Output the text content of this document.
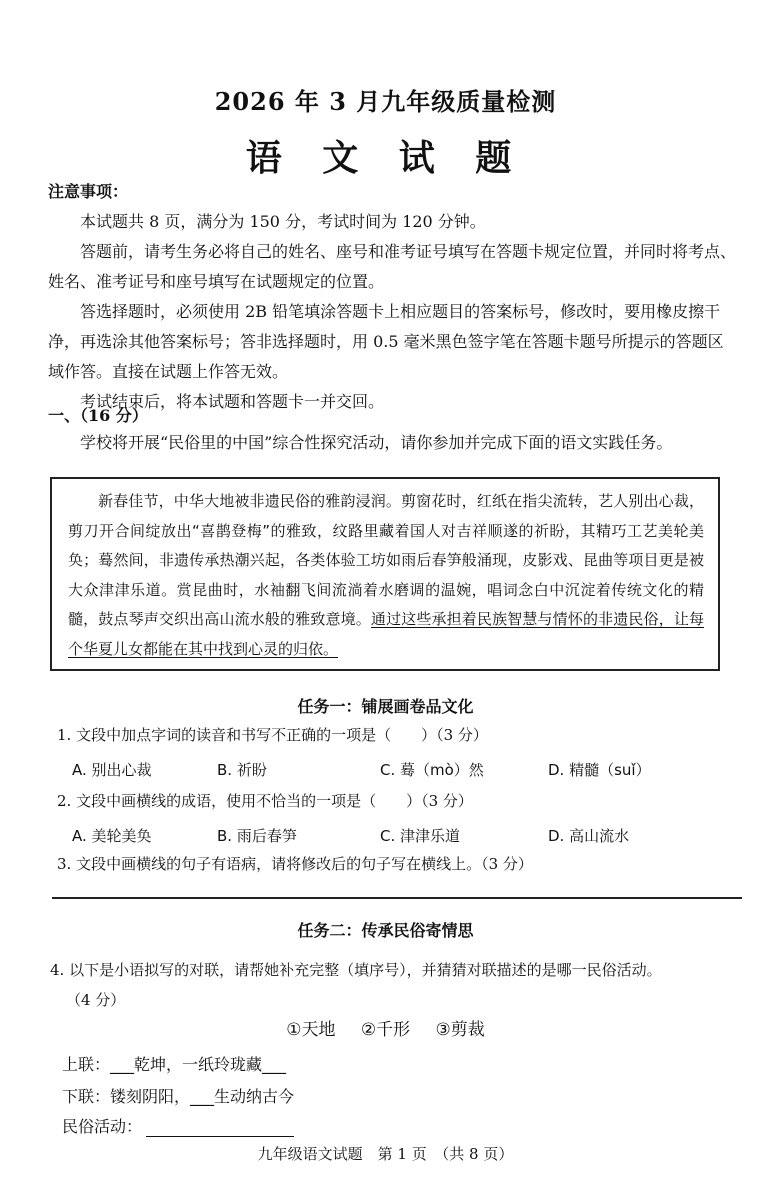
2026 年 3 月九年级质量检测
语 文 试 题
注意事项：
本试题共 8 页，满分为 150 分，考试时间为 120 分钟。
答题前，请考生务必将自己的姓名、座号和准考证号填写在答题卡规定位置，并同时将考点、姓名、准考证号和座号填写在试题规定的位置。
答选择题时，必须使用 2B 铅笔填涂答题卡上相应题目的答案标号，修改时，要用橡皮擦干净，再选涂其他答案标号；答非选择题时，用 0.5 毫米黑色签字笔在答题卡题号所提示的答题区域作答。直接在试题上作答无效。
考试结束后，将本试题和答题卡一并交回。
一、（16 分）
学校将开展“民俗里的中国”综合性探究活动，请你参加并完成下面的语文实践任务。
新春佳节，中华大地被非遗民俗的雅韵浸润。剪窗花时，红纸在指尖流转，艺人别出心裁，剪刀开合间绽放出“喜鹊登梅”的雅致，纹路里藏着国人对吉祥顺遂的祈盼，其精巧工艺美轮美奂；蓦然间，非遗传承热潮兴起，各类体验工坊如雨后春笋般涌现，皮影戏、昆曲等项目更是被大众津津乐道。赏昆曲时，水袖翻飞间流淌着水磨调的温婉，唱词念白中沉淀着传统文化的精髓，鼓点琴声交织出高山流水般的雅致意境。通过这些承担着民族智慧与情怀的非遗民俗，让每个华夏儿女都能在其中找到心灵的归依。
任务一：铺展画卷品文化
1. 文段中加点字词的读音和书写不正确的一项是（　　）（3 分）
A. 别出心裁	B. 祈盼	C. 蓦（mò）然	D. 精髓（suǐ）
2. 文段中画横线的成语，使用不恰当的一项是（　　）（3 分）
A. 美轮美奂	B. 雨后春笋	C. 津津乐道	D. 高山流水
3. 文段中画横线的句子有语病，请将修改后的句子写在横线上。（3 分）
任务二：传承民俗寄情思
4. 以下是小语拟写的对联，请帮她补充完整（填序号），并猜猜对联描述的是哪一民俗活动。
（4 分）
①天地 ②千形 ③剪裁
上联：___乾坤，一纸玲珑藏___
下联：镂刻阴阳，___生动纳古今
民俗活动：
九年级语文试题　第 1 页　（共 8 页）
